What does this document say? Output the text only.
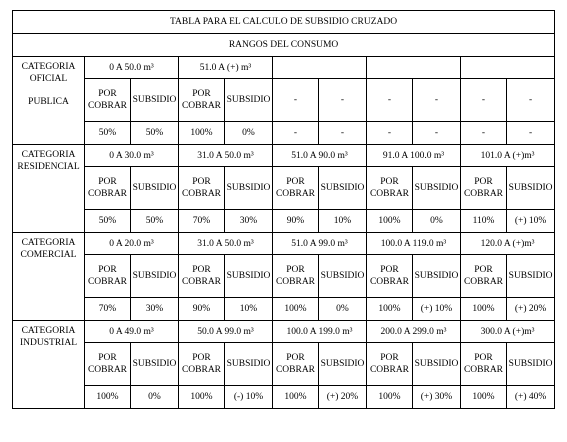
TABLA PARA EL CALCULO DE SUBSIDIO CRUZADO										
RANGOS DEL CONSUMO										

CATEGORIA
OFICIAL
PUBLICA	0 A 50.0 m³		51.0 A (+) m³							
	POR COBRAR	SUBSIDIO	POR COBRAR	SUBSIDIO	-	-	-	-	-	-
	50%	50%	100%	0%	-	-	-	-	-	-

CATEGORIA
RESIDENCIAL	0 A 30.0 m³		31.0 A 50.0 m³		51.0 A 90.0 m³		91.0 A 100.0 m³		101.0 A (+)m³	
	POR COBRAR	SUBSIDIO	POR COBRAR	SUBSIDIO	POR COBRAR	SUBSIDIO	POR COBRAR	SUBSIDIO	POR COBRAR	SUBSIDIO
	50%	50%	70%	30%	90%	10%	100%	0%	110%	(+) 10%

CATEGORIA
COMERCIAL	0 A 20.0 m³		31.0 A 50.0 m³		51.0 A 99.0 m³		100.0 A 119.0 m³		120.0 A (+)m³	
	POR COBRAR	SUBSIDIO	POR COBRAR	SUBSIDIO	POR COBRAR	SUBSIDIO	POR COBRAR	SUBSIDIO	POR COBRAR	SUBSIDIO
	70%	30%	90%	10%	100%	0%	100%	(+) 10%	100%	(+) 20%

CATEGORIA
INDUSTRIAL	0 A 49.0 m³		50.0 A 99.0 m³		100.0 A 199.0 m³		200.0 A 299.0 m³		300.0 A (+)m³	
	POR COBRAR	SUBSIDIO	POR COBRAR	SUBSIDIO	POR COBRAR	SUBSIDIO	POR COBRAR	SUBSIDIO	POR COBRAR	SUBSIDIO
	100%	0%	100%	(-) 10%	100%	(+) 20%	100%	(+) 30%	100%	(+) 40%
